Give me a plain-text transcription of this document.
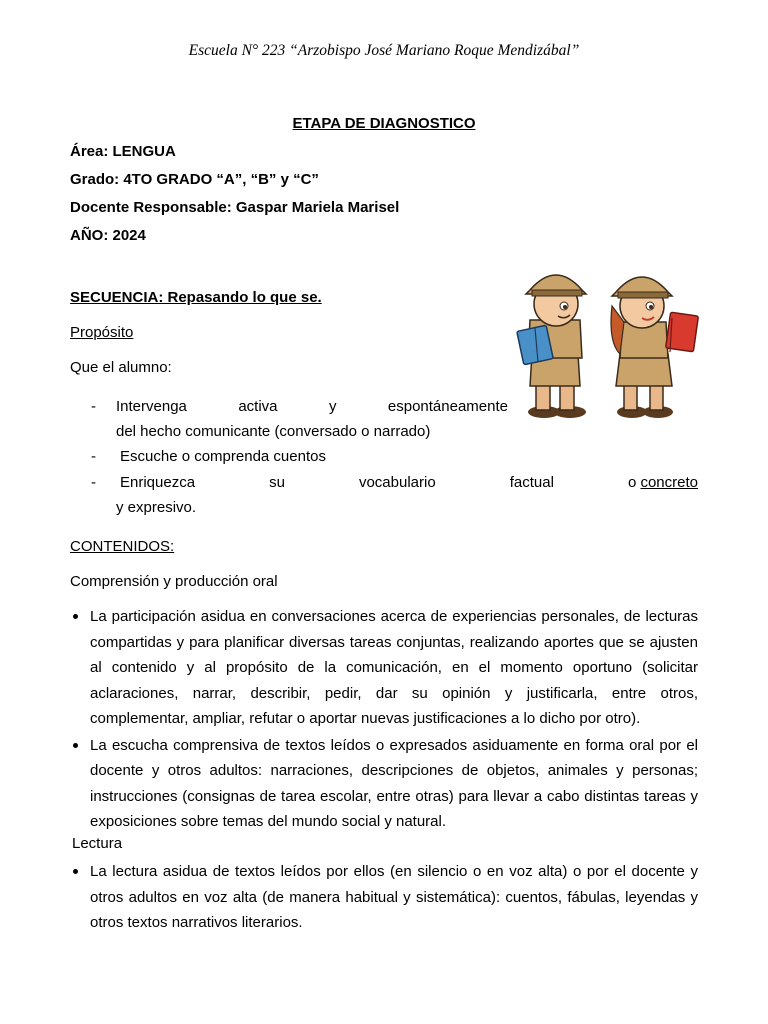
Escuela N° 223 “Arzobispo José Mariano Roque Mendizábal”
ETAPA DE DIAGNOSTICO
Área: LENGUA
Grado: 4TO GRADO “A”, “B” y “C”
Docente Responsable: Gaspar Mariela Marisel
AÑO: 2024
SECUENCIA: Repasando lo que se.
Propósito
Que el alumno:
- Intervenga	activa	y	espontáneamente
del hecho comunicante (conversado o narrado)
- Escuche o comprenda cuentos
- Enriquezca	su	vocabulario	factual	o concreto
y expresivo.
CONTENIDOS:
Comprensión y producción oral
La participación asidua en conversaciones acerca de experiencias personales, de lecturas compartidas y para planificar diversas tareas conjuntas, realizando aportes que se ajusten al contenido y al propósito de la comunicación, en el momento oportuno (solicitar aclaraciones, narrar, describir, pedir, dar su opinión y justificarla, entre otros, complementar, ampliar, refutar o aportar nuevas justificaciones a lo dicho por otro).
La escucha comprensiva de textos leídos o expresados asiduamente en forma oral por el docente y otros adultos: narraciones, descripciones de objetos, animales y personas; instrucciones (consignas de tarea escolar, entre otras) para llevar a cabo distintas tareas y exposiciones sobre temas del mundo social y natural.
Lectura
La lectura asidua de textos leídos por ellos (en silencio o en voz alta) o por el docente y otros adultos en voz alta (de manera habitual y sistemática): cuentos, fábulas, leyendas y otros textos narrativos literarios.
